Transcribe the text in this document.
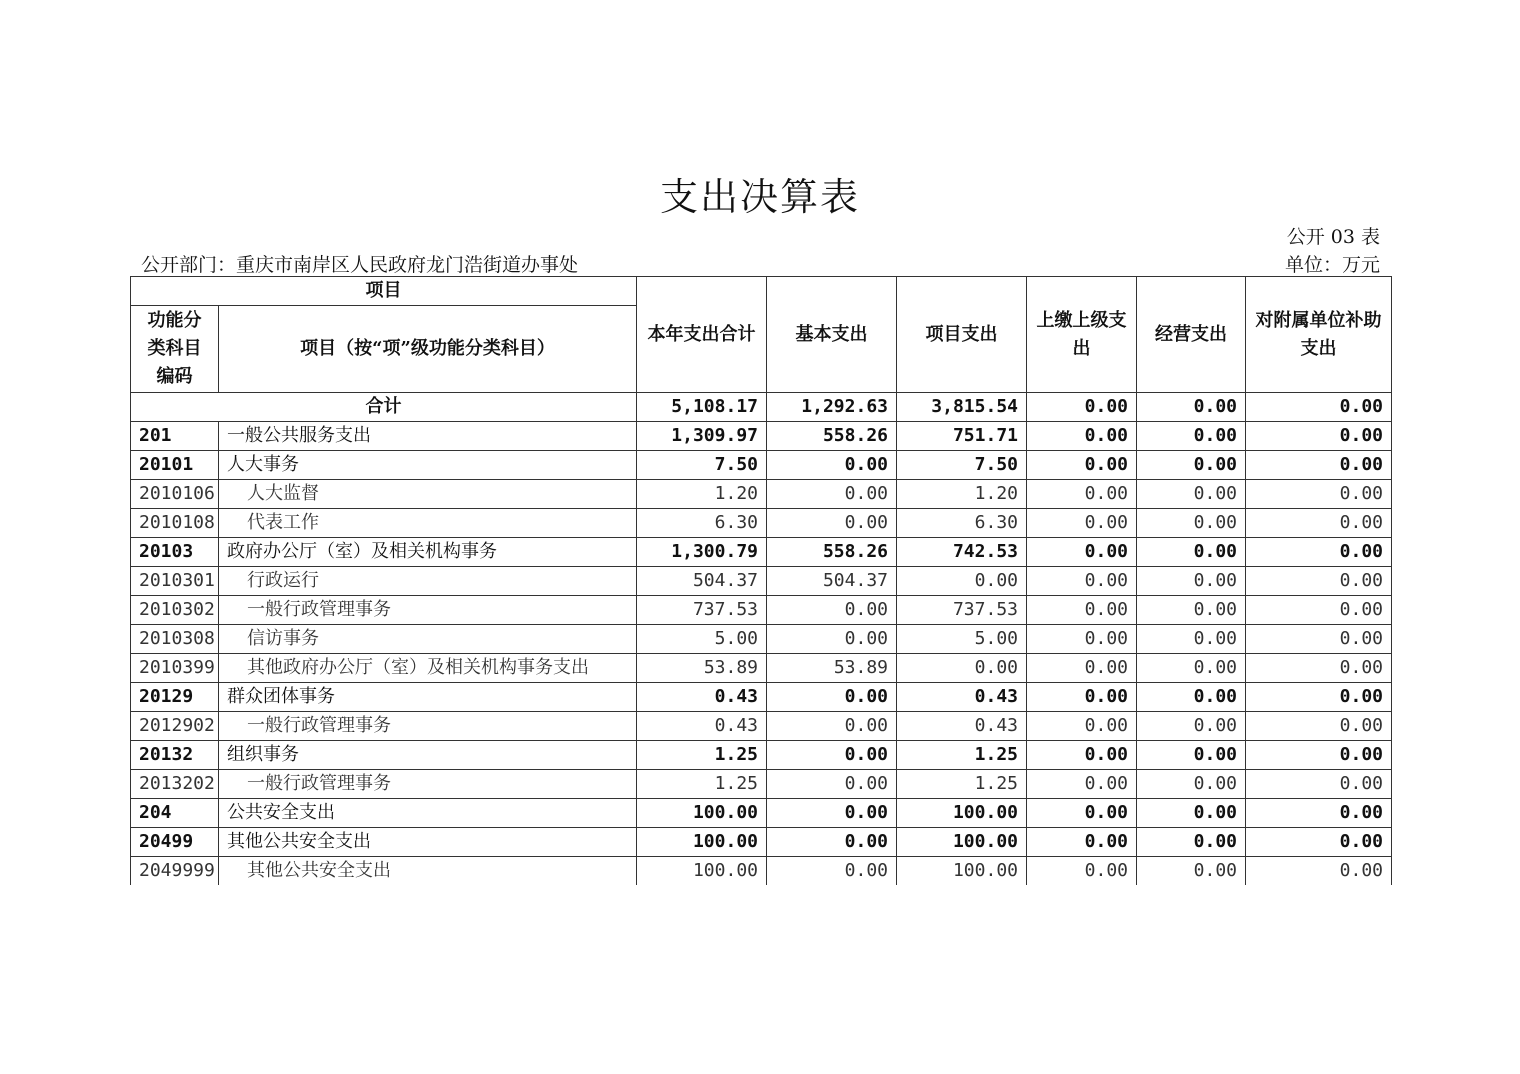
支出决算表
公开 03 表
公开部门：重庆市南岸区人民政府龙门浩街道办事处	单位：万元
项目		本年支出合计	基本支出	项目支出	上缴上级支出	经营支出	对附属单位补助支出
功能分类科目编码	项目（按“项”级功能分类科目）						
合计		5,108.17	1,292.63	3,815.54	0.00	0.00	0.00
201	一般公共服务支出	1,309.97	558.26	751.71	0.00	0.00	0.00
20101	人大事务	7.50	0.00	7.50	0.00	0.00	0.00
2010106	人大监督	1.20	0.00	1.20	0.00	0.00	0.00
2010108	代表工作	6.30	0.00	6.30	0.00	0.00	0.00
20103	政府办公厅（室）及相关机构事务	1,300.79	558.26	742.53	0.00	0.00	0.00
2010301	行政运行	504.37	504.37	0.00	0.00	0.00	0.00
2010302	一般行政管理事务	737.53	0.00	737.53	0.00	0.00	0.00
2010308	信访事务	5.00	0.00	5.00	0.00	0.00	0.00
2010399	其他政府办公厅（室）及相关机构事务支出	53.89	53.89	0.00	0.00	0.00	0.00
20129	群众团体事务	0.43	0.00	0.43	0.00	0.00	0.00
2012902	一般行政管理事务	0.43	0.00	0.43	0.00	0.00	0.00
20132	组织事务	1.25	0.00	1.25	0.00	0.00	0.00
2013202	一般行政管理事务	1.25	0.00	1.25	0.00	0.00	0.00
204	公共安全支出	100.00	0.00	100.00	0.00	0.00	0.00
20499	其他公共安全支出	100.00	0.00	100.00	0.00	0.00	0.00
2049999	其他公共安全支出	100.00	0.00	100.00	0.00	0.00	0.00
